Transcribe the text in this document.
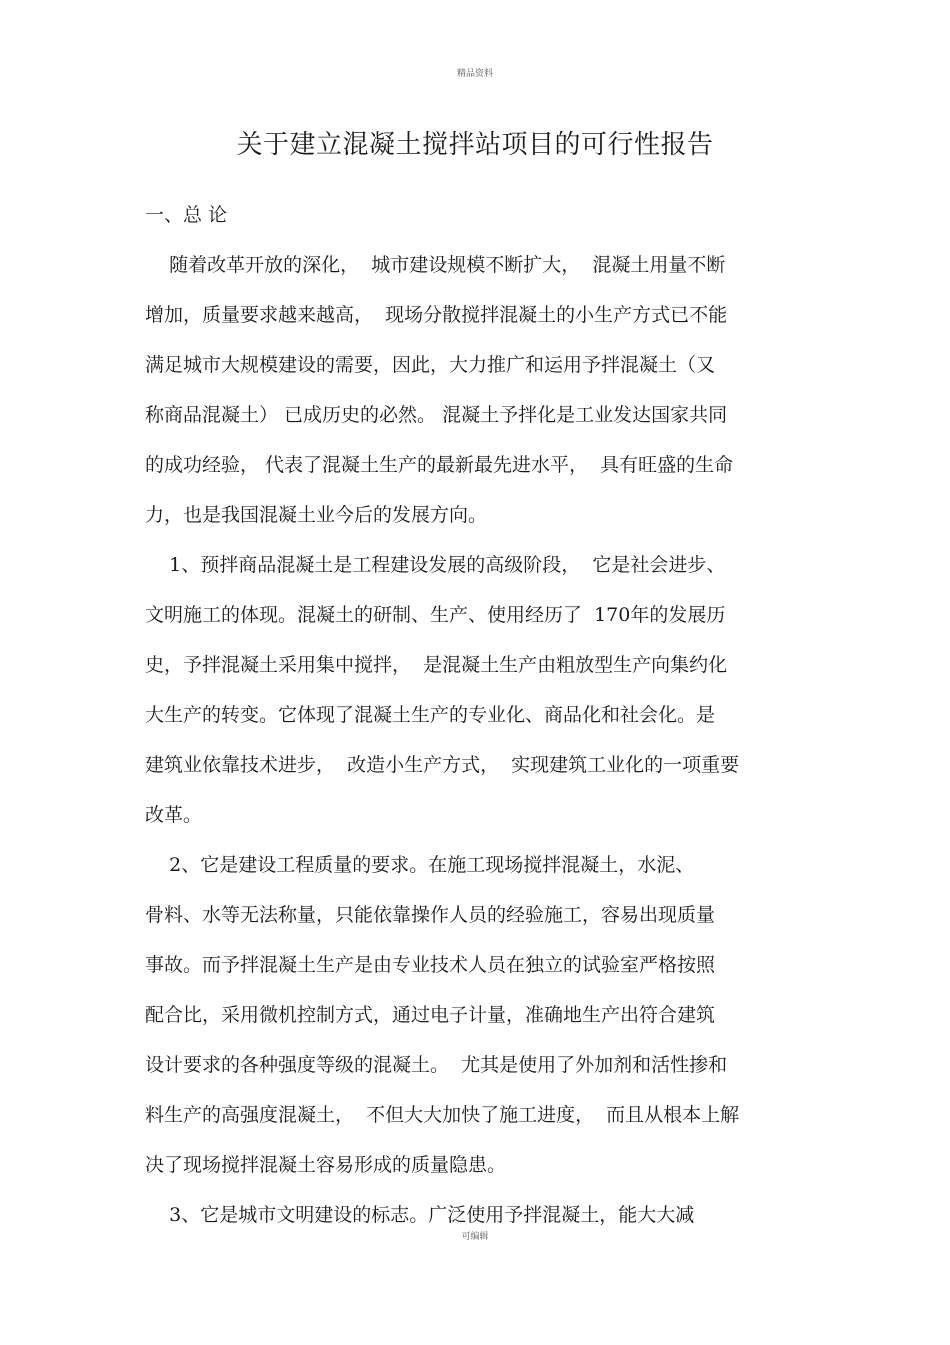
精品资料
关于建立混凝土搅拌站项目的可行性报告
一、总 论
随着改革开放的深化，  城市建设规模不断扩大，  混凝土用量不断
增加，质量要求越来越高，  现场分散搅拌混凝土的小生产方式已不能
满足城市大规模建设的需要，因此，大力推广和运用予拌混凝土（又
称商品混凝土） 已成历史的必然。 混凝土予拌化是工业发达国家共同
的成功经验， 代表了混凝土生产的最新最先进水平，  具有旺盛的生命
力，也是我国混凝土业今后的发展方向。
1、预拌商品混凝土是工程建设发展的高级阶段，  它是社会进步、
文明施工的体现。混凝土的研制、生产、使用经历了  170年的发展历
史，予拌混凝土采用集中搅拌，  是混凝土生产由粗放型生产向集约化
大生产的转变。它体现了混凝土生产的专业化、商品化和社会化。是
建筑业依靠技术进步，  改造小生产方式，  实现建筑工业化的一项重要
改革。
2、它是建设工程质量的要求。在施工现场搅拌混凝土，水泥、
骨料、水等无法称量，只能依靠操作人员的经验施工，容易出现质量
事故。而予拌混凝土生产是由专业技术人员在独立的试验室严格按照
配合比，采用微机控制方式，通过电子计量，准确地生产出符合建筑
设计要求的各种强度等级的混凝土。  尤其是使用了外加剂和活性掺和
料生产的高强度混凝土，  不但大大加快了施工进度，  而且从根本上解
决了现场搅拌混凝土容易形成的质量隐患。
3、它是城市文明建设的标志。广泛使用予拌混凝土，能大大减
可编辑
